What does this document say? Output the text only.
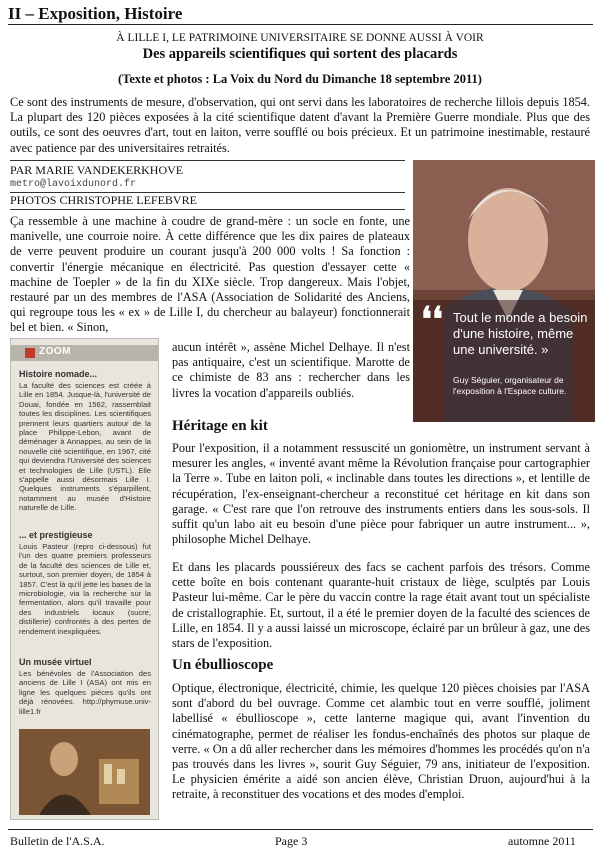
II – Exposition, Histoire
À LILLE I, LE PATRIMOINE UNIVERSITAIRE SE DONNE AUSSI À VOIR
Des appareils scientifiques qui sortent des placards
(Texte et photos : La Voix du Nord du Dimanche 18 septembre 2011)

Ce sont des instruments de mesure, d'observation, qui ont servi dans les laboratoires de recherche lillois depuis 1854. La plupart des 120 pièces exposées à la cité scientifique datent d'avant la Première Guerre mondiale. Plus que des outils, ce sont des oeuvres d'art, tout en laiton, verre soufflé ou bois précieux. Et un patrimoine inestimable, restauré avec patience par des universitaires retraités.

PAR MARIE VANDEKERKHOVE
metro@lavoixdunord.fr
PHOTOS CHRISTOPHE LEFEBVRE

Ça ressemble à une machine à coudre de grand-mère : un socle en fonte, une manivelle, une courroie noire. À cette différence que les dix paires de plateaux de verre peuvent produire un courant jusqu'à 200 000 volts ! Sa fonction : convertir l'énergie mécanique en électricité. Pas question d'essayer cette « machine de Toepler » de la fin du XIXe siècle. Trop dangereux. Mais l'objet, restauré par un des membres de l'ASA (Association de Solidarité des Anciens, qui regroupe tous les « ex » de Lille I, du chercheur au balayeur) fonctionnerait bel et bien. « Sinon,

aucun intérêt », assène Michel Delhaye. Il n'est pas antiquaire, c'est un scientifique. Marotte de ce chimiste de 83 ans : rechercher dans les livres la vocation d'appareils oubliés.

❛❛ Tout le monde a besoin d'une histoire, même une université. »
Guy Séguier, organisateur de l'exposition à l'Espace culture.
ZOOM
Histoire nomade...

La faculté des sciences est créée à Lille en 1854. Jusque-là, l'université de Douai, fondée en 1562, rassemblait toutes les disciplines. Les scientifiques prennent leurs quartiers autour de la place Philippe-Lebon, avant de déménager à Annappes, au sein de la nouvelle cité scientifique, en 1967, cité qui deviendra l'Université des sciences et technologies de Lille (USTL). Elle s'appelle aussi désormais Lille I. Quelques instruments s'éparpillent, notamment au musée d'Histoire naturelle de Lille.

... et prestigieuse

Louis Pasteur (repro ci-dessous) fut l'un des quatre premiers professeurs de la faculté des sciences de Lille et, surtout, son premier doyen, de 1854 à 1857. C'est là qu'il jette les bases de la microbiologie, via la recherche sur la fermentation, alors qu'il travaille pour des industriels locaux (sucre, distillerie) confrontés à des pertes de rendement inexpliquées.

Un musée virtuel

Les bénévoles de l'Association des anciens de Lille I (ASA) ont mis en ligne les quelques pièces qu'ils ont déjà rénovées. http://phymuse.univ-lille1.fr

Héritage en kit

Pour l'exposition, il a notamment ressuscité un goniomètre, un instrument servant à mesurer les angles, « inventé avant même la Révolution française pour cartographier la Terre ». Tube en laiton poli, « inclinable dans toutes les directions », et lentille de récupération, l'ex-enseignant-chercheur a reconstitué cet héritage en kit dans son garage. « C'est rare que l'on retrouve des instruments entiers dans les sous-sols. Il suffit qu'un labo ait eu besoin d'une pièce pour fabriquer un autre instrument... », philosophe Michel Delhaye.

Et dans les placards poussiéreux des facs se cachent parfois des trésors. Comme cette boîte en bois contenant quarante-huit cristaux de liège, sculptés par Louis Pasteur lui-même. Car le père du vaccin contre la rage était avant tout un spécialiste de cristallographie. Et, surtout, il a été le premier doyen de la faculté des sciences de Lille, en 1854. Il y a aussi laissé un microscope, éclairé par un brûleur à gaz, une des stars de l'exposition.

Un ébullioscope

Optique, électronique, électricité, chimie, les quelque 120 pièces choisies par l'ASA sont d'abord du bel ouvrage. Comme cet alambic tout en verre soufflé, joliment labellisé « ébullioscope », cette lanterne magique qui, avant l'invention du cinématographe, permet de réaliser les fondus-enchaînés des photos sur plaque de verre. « On a dû aller rechercher dans les mémoires d'hommes les procédés qu'on n'a pas trouvés dans les livres », sourit Guy Séguier, 79 ans, initiateur de l'exposition. Le physicien émérite a aidé son ancien élève, Christian Druon, aujourd'hui à la retraite, à reconstituer des vocations et des modes d'emploi.

Bulletin de l'A.S.A.	Page 3	automne 2011
